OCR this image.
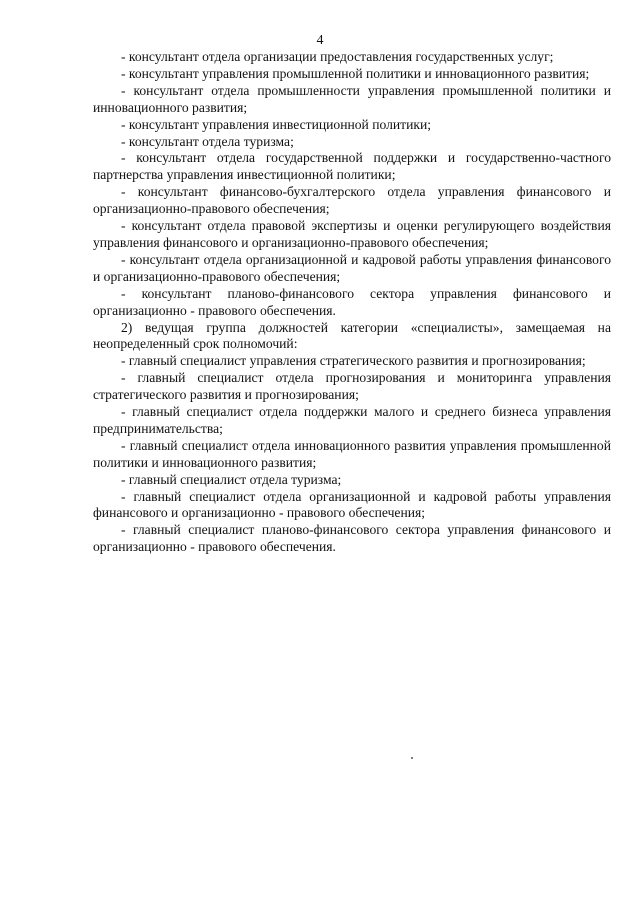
4

- консультант отдела организации предоставления государственных услуг;

- консультант управления промышленной политики и инновационного развития;

- консультант отдела промышленности управления промышленной политики и инновационного развития;

- консультант управления инвестиционной политики;

- консультант отдела туризма;

- консультант отдела государственной поддержки и государственно-частного партнерства управления инвестиционной политики;

- консультант финансово-бухгалтерского отдела управления финансового и организационно-правового обеспечения;

- консультант отдела правовой экспертизы и оценки регулирующего воздействия управления финансового и организационно-правового обеспечения;

- консультант отдела организационной и кадровой работы управления финансового и организационно-правового обеспечения;

- консультант планово-финансового сектора управления финансового и организационно - правового обеспечения.

2) ведущая группа должностей категории «специалисты», замещаемая на неопределенный срок полномочий:

- главный специалист управления стратегического развития и прогнозирования;

- главный специалист отдела прогнозирования и мониторинга управления стратегического развития и прогнозирования;

- главный специалист отдела поддержки малого и среднего бизнеса управления предпринимательства;

- главный специалист отдела инновационного развития управления промышленной политики и инновационного развития;

- главный специалист отдела туризма;

- главный специалист отдела организационной и кадровой работы управления финансового и организационно - правового обеспечения;

- главный специалист планово-финансового сектора управления финансового и организационно - правового обеспечения.
